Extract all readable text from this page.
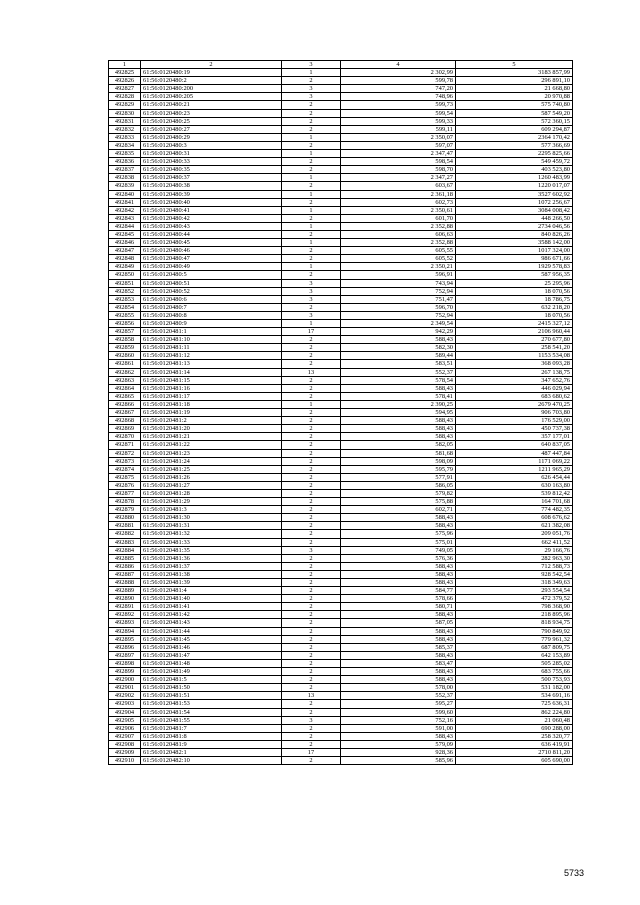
1	2	3	4	5
492825	61:56:0120480:19	1	2 302,99	3183 857,99
492826	61:56:0120480:2	2	599,78	296 891,10
492827	61:56:0120480:200	3	747,20	21 668,80
492828	61:56:0120480:205	3	748,96	20 970,88
492829	61:56:0120480:21	2	599,73	575 740,80
492830	61:56:0120480:23	2	599,54	587 549,20
492831	61:56:0120480:25	2	599,33	572 360,15
492832	61:56:0120480:27	2	599,11	609 294,87
492833	61:56:0120480:29	1	2 350,07	2364 170,42
492834	61:56:0120480:3	2	597,07	577 366,69
492835	61:56:0120480:31	1	2 347,47	2295 825,66
492836	61:56:0120480:33	2	598,54	549 459,72
492837	61:56:0120480:35	2	598,70	403 523,80
492838	61:56:0120480:37	1	2 347,27	1260 483,99
492839	61:56:0120480:38	2	603,67	1220 017,07
492840	61:56:0120480:39	1	2 361,18	3527 602,92
492841	61:56:0120480:40	2	602,73	1072 256,67
492842	61:56:0120480:41	1	2 350,61	3084 008,42
492843	61:56:0120480:42	2	601,70	448 266,50
492844	61:56:0120480:43	1	2 352,88	2734 046,56
492845	61:56:0120480:44	2	606,63	840 826,26
492846	61:56:0120480:45	1	2 352,88	3588 142,00
492847	61:56:0120480:46	2	605,55	1017 324,00
492848	61:56:0120480:47	2	605,52	986 671,66
492849	61:56:0120480:49	1	2 350,21	1929 578,83
492850	61:56:0120480:5	2	596,91	587 956,35
492851	61:56:0120480:51	3	743,94	25 295,96
492852	61:56:0120480:52	3	752,94	18 070,56
492853	61:56:0120480:6	3	751,47	18 786,75
492854	61:56:0120480:7	2	596,70	632 218,20
492855	61:56:0120480:8	3	752,94	18 070,56
492856	61:56:0120480:9	1	2 349,54	2415 327,12
492857	61:56:0120481:1	17	942,29	2106 960,44
492858	61:56:0120481:10	2	588,43	270 677,80
492859	61:56:0120481:11	2	582,30	258 541,20
492860	61:56:0120481:12	2	589,44	1153 534,08
492861	61:56:0120481:13	2	583,51	368 093,28
492862	61:56:0120481:14	13	552,37	267 138,75
492863	61:56:0120481:15	2	578,54	347 652,76
492864	61:56:0120481:16	2	588,43	446 029,94
492865	61:56:0120481:17	2	578,41	683 680,62
492866	61:56:0120481:18	1	2 390,25	2679 470,25
492867	61:56:0120481:19	2	594,95	906 703,80
492868	61:56:0120481:2	2	588,43	176 529,00
492869	61:56:0120481:20	2	588,43	450 737,38
492870	61:56:0120481:21	2	588,43	357 177,01
492871	61:56:0120481:22	2	582,05	640 837,05
492872	61:56:0120481:23	2	581,68	487 447,84
492873	61:56:0120481:24	2	598,09	1171 069,22
492874	61:56:0120481:25	2	595,79	1211 965,29
492875	61:56:0120481:26	2	577,91	626 454,44
492876	61:56:0120481:27	2	586,05	630 163,80
492877	61:56:0120481:28	2	579,82	539 812,42
492878	61:56:0120481:29	2	575,88	164 701,68
492879	61:56:0120481:3	2	602,71	774 482,35
492880	61:56:0120481:30	2	588,43	608 676,62
492881	61:56:0120481:31	2	588,43	621 382,08
492882	61:56:0120481:32	2	575,96	209 051,76
492883	61:56:0120481:33	2	575,01	662 411,52
492884	61:56:0120481:35	3	749,05	29 166,76
492885	61:56:0120481:36	2	576,36	282 963,30
492886	61:56:0120481:37	2	588,43	712 588,73
492887	61:56:0120481:38	2	588,43	928 542,54
492888	61:56:0120481:39	2	588,43	318 349,63
492889	61:56:0120481:4	2	584,77	293 554,54
492890	61:56:0120481:40	2	578,66	472 379,52
492891	61:56:0120481:41	2	580,71	798 368,90
492892	61:56:0120481:42	2	588,43	218 895,96
492893	61:56:0120481:43	2	587,05	818 934,75
492894	61:56:0120481:44	2	588,43	790 849,92
492895	61:56:0120481:45	2	588,43	779 961,32
492896	61:56:0120481:46	2	585,37	687 809,75
492897	61:56:0120481:47	2	588,43	642 153,89
492898	61:56:0120481:48	2	583,47	505 285,02
492899	61:56:0120481:49	2	588,43	683 755,66
492900	61:56:0120481:5	2	588,43	500 753,93
492901	61:56:0120481:50	2	578,00	531 182,00
492902	61:56:0120481:51	13	552,37	534 691,16
492903	61:56:0120481:53	2	595,27	725 636,31
492904	61:56:0120481:54	2	599,60	862 224,80
492905	61:56:0120481:55	3	752,16	21 060,48
492906	61:56:0120481:7	2	591,00	690 288,00
492907	61:56:0120481:8	2	588,43	258 320,77
492908	61:56:0120481:9	2	579,09	636 419,91
492909	61:56:0120482:1	17	928,36	2710 811,20
492910	61:56:0120482:10	2	585,96	605 690,00
5733
